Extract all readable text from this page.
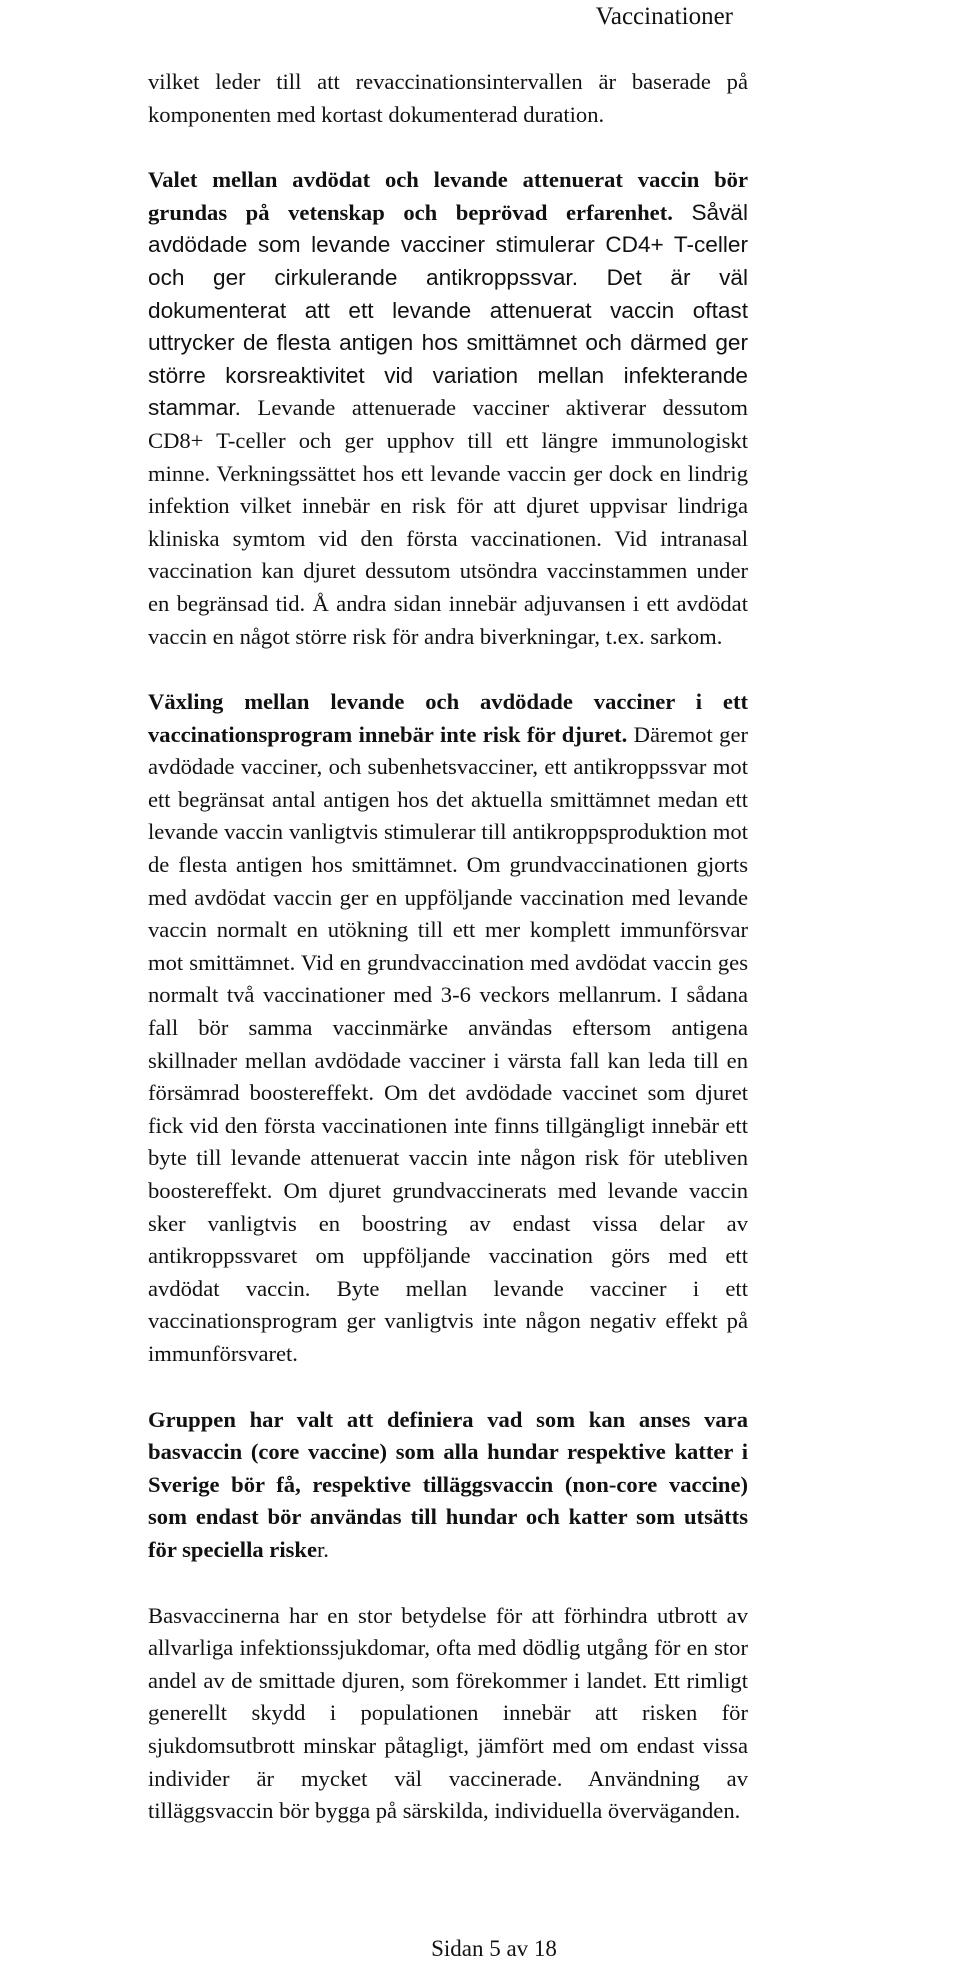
Vaccinationer

vilket leder till att revaccinationsintervallen är baserade på komponenten med kortast dokumenterad duration.

Valet mellan avdödat och levande attenuerat vaccin bör grundas på vetenskap och beprövad erfarenhet. Såväl avdödade som levande vacciner stimulerar CD4+ T-celler och ger cirkulerande antikroppssvar. Det är väl dokumenterat att ett levande attenuerat vaccin oftast uttrycker de flesta antigen hos smittämnet och därmed ger större korsreaktivitet vid variation mellan infekterande stammar. Levande attenuerade vacciner aktiverar dessutom CD8+ T-celler och ger upphov till ett längre immunologiskt minne. Verkningssättet hos ett levande vaccin ger dock en lindrig infektion vilket innebär en risk för att djuret uppvisar lindriga kliniska symtom vid den första vaccinationen. Vid intranasal vaccination kan djuret dessutom utsöndra vaccinstammen under en begränsad tid. Å andra sidan innebär adjuvansen i ett avdödat vaccin en något större risk för andra biverkningar, t.ex. sarkom.

Växling mellan levande och avdödade vacciner i ett vaccinationsprogram innebär inte risk för djuret. Däremot ger avdödade vacciner, och subenhetsvacciner, ett antikroppssvar mot ett begränsat antal antigen hos det aktuella smittämnet medan ett levande vaccin vanligtvis stimulerar till antikroppsproduktion mot de flesta antigen hos smittämnet. Om grundvaccinationen gjorts med avdödat vaccin ger en uppföljande vaccination med levande vaccin normalt en utökning till ett mer komplett immunförsvar mot smittämnet. Vid en grundvaccination med avdödat vaccin ges normalt två vaccinationer med 3-6 veckors mellanrum. I sådana fall bör samma vaccinmärke användas eftersom antigena skillnader mellan avdödade vacciner i värsta fall kan leda till en försämrad boostereffekt. Om det avdödade vaccinet som djuret fick vid den första vaccinationen inte finns tillgängligt innebär ett byte till levande attenuerat vaccin inte någon risk för utebliven boostereffekt. Om djuret grundvaccinerats med levande vaccin sker vanligtvis en boostring av endast vissa delar av antikroppssvaret om uppföljande vaccination görs med ett avdödat vaccin. Byte mellan levande vacciner i ett vaccinationsprogram ger vanligtvis inte någon negativ effekt på immunförsvaret.

Gruppen har valt att definiera vad som kan anses vara basvaccin (core vaccine) som alla hundar respektive katter i Sverige bör få, respektive tilläggsvaccin (non-core vaccine) som endast bör användas till hundar och katter som utsätts för speciella risker.

Basvaccinerna har en stor betydelse för att förhindra utbrott av allvarliga infektionssjukdomar, ofta med dödlig utgång för en stor andel av de smittade djuren, som förekommer i landet. Ett rimligt generellt skydd i populationen innebär att risken för sjukdomsutbrott minskar påtagligt, jämfört med om endast vissa individer är mycket väl vaccinerade. Användning av tilläggsvaccin bör bygga på särskilda, individuella överväganden.

Sidan 5 av 18
